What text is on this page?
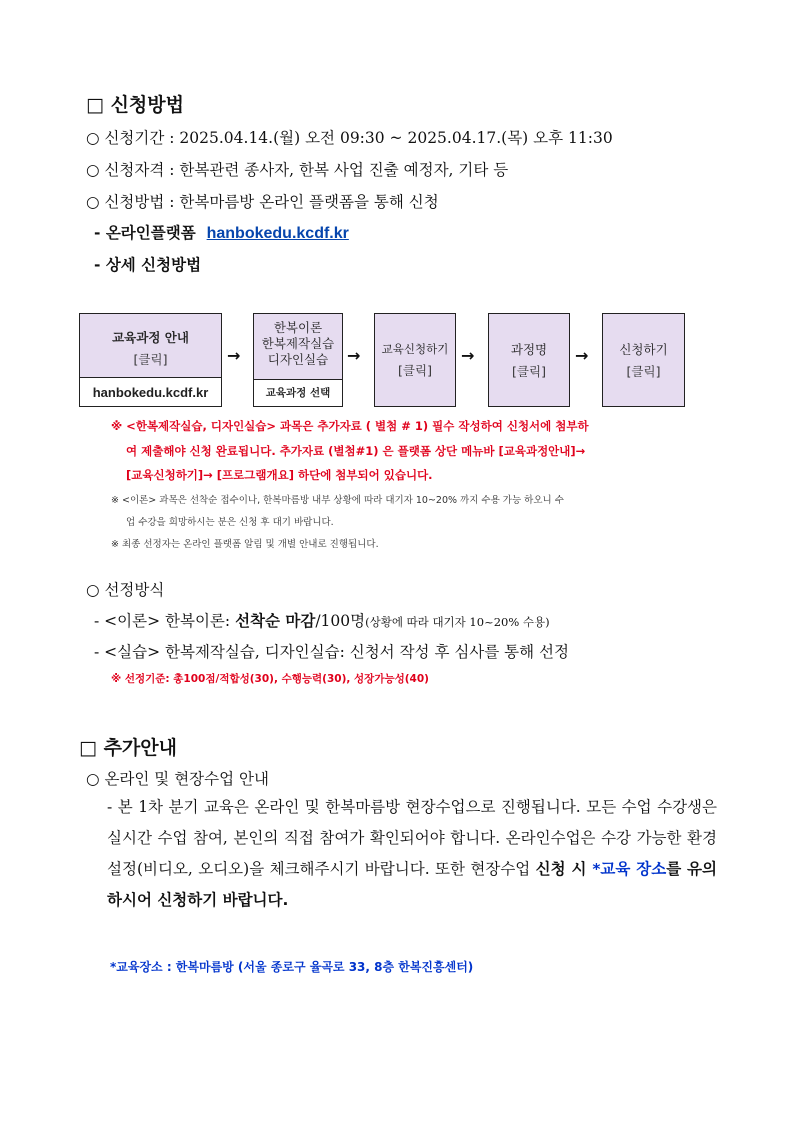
□ 신청방법
○ 신청기간 : 2025.04.14.(월) 오전 09:30 ~ 2025.04.17.(목) 오후 11:30
○ 신청자격 : 한복관련 종사자, 한복 사업 진출 예정자, 기타 등
○ 신청방법 : 한복마름방 온라인 플랫폼을 통해 신청
- 온라인플랫폼 hanbokedu.kcdf.kr
- 상세 신청방법
교육과정 안내
[클릭]
hanbokedu.kcdf.kr
→
한복이론
한복제작실습
디자인실습
교육과정 선택
→ 교육신청하기
[클릭]
→	과정명
[클릭]
→ 신청하기
[클릭]
※ <한복제작실습, 디자인실습> 과목은 추가자료 ( 별첨 # 1) 필수 작성하여 신청서에 첨부하
여 제출해야 신청 완료됩니다. 추가자료 (별첨#1) 은 플랫폼 상단 메뉴바 [교육과정안내]→
[교육신청하기]→ [프로그램개요] 하단에 첨부되어 있습니다.
※ <이론> 과목은 선착순 접수이나, 한복마름방 내부 상황에 따라 대기자 10~20% 까지 수용 가능 하오니 수
업 수강을 희망하시는 분은 신청 후 대기 바랍니다.
※ 최종 선정자는 온라인 플랫폼 알림 및 개별 안내로 진행됩니다.
○ 선정방식
- <이론> 한복이론: 선착순 마감/100명(상황에 따라 대기자 10~20% 수용)
- <실습> 한복제작실습, 디자인실습: 신청서 작성 후 심사를 통해 선정
※ 선정기준: 총100점/적합성(30), 수행능력(30), 성장가능성(40)
□ 추가안내
○ 온라인 및 현장수업 안내
- 본 1차 분기 교육은 온라인 및 한복마름방 현장수업으로 진행됩니다. 모든 수업 수강생은 실시간 수업 참여, 본인의 직접 참여가 확인되어야 합니다. 온라인수업은 수강 가능한 환경설정(비디오, 오디오)을 체크해주시기 바랍니다. 또한 현장수업 신청 시 *교육 장소를 유의하시어 신청하기 바랍니다.
*교육장소 : 한복마름방 (서울 종로구 율곡로 33, 8층 한복진흥센터)
